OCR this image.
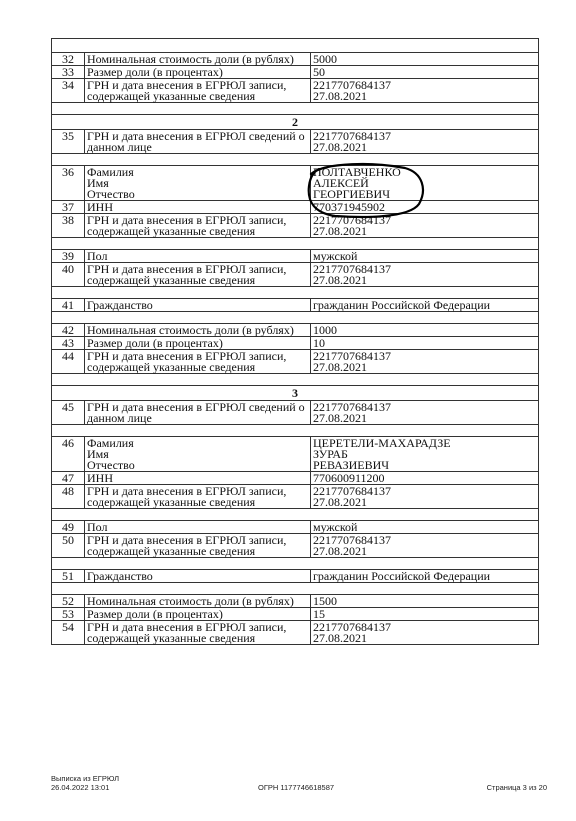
32	Номинальная стоимость доли (в рублях)	5000
33	Размер доли (в процентах)	50
34	ГРН и дата внесения в ЕГРЮЛ записи, содержащей указанные сведения	2217707684137
27.08.2021

2		
35	ГРН и дата внесения в ЕГРЮЛ сведений о данном лице	2217707684137
27.08.2021

36	Фамилия
Имя
Отчество	ПОЛТАВЧЕНКО
АЛЕКСЕЙ
ГЕОРГИЕВИЧ
37	ИНН	770371945902
38	ГРН и дата внесения в ЕГРЮЛ записи, содержащей указанные сведения	2217707684137
27.08.2021

39	Пол	мужской
40	ГРН и дата внесения в ЕГРЮЛ записи, содержащей указанные сведения	2217707684137
27.08.2021

41	Гражданство	гражданин Российской Федерации

42	Номинальная стоимость доли (в рублях)	1000
43	Размер доли (в процентах)	10
44	ГРН и дата внесения в ЕГРЮЛ записи, содержащей указанные сведения	2217707684137
27.08.2021

3		
45	ГРН и дата внесения в ЕГРЮЛ сведений о данном лице	2217707684137
27.08.2021

46	Фамилия
Имя
Отчество	ЦЕРЕТЕЛИ-МАХАРАДЗЕ
ЗУРАБ
РЕВАЗИЕВИЧ
47	ИНН	770600911200
48	ГРН и дата внесения в ЕГРЮЛ записи, содержащей указанные сведения	2217707684137
27.08.2021

49	Пол	мужской
50	ГРН и дата внесения в ЕГРЮЛ записи, содержащей указанные сведения	2217707684137
27.08.2021

51	Гражданство	гражданин Российской Федерации

52	Номинальная стоимость доли (в рублях)	1500
53	Размер доли (в процентах)	15
54	ГРН и дата внесения в ЕГРЮЛ записи, содержащей указанные сведения	2217707684137
27.08.2021
Выписка из ЕГРЮЛ
26.04.2022 13:01	ОГРН 1177746618587	Страница 3 из 20
